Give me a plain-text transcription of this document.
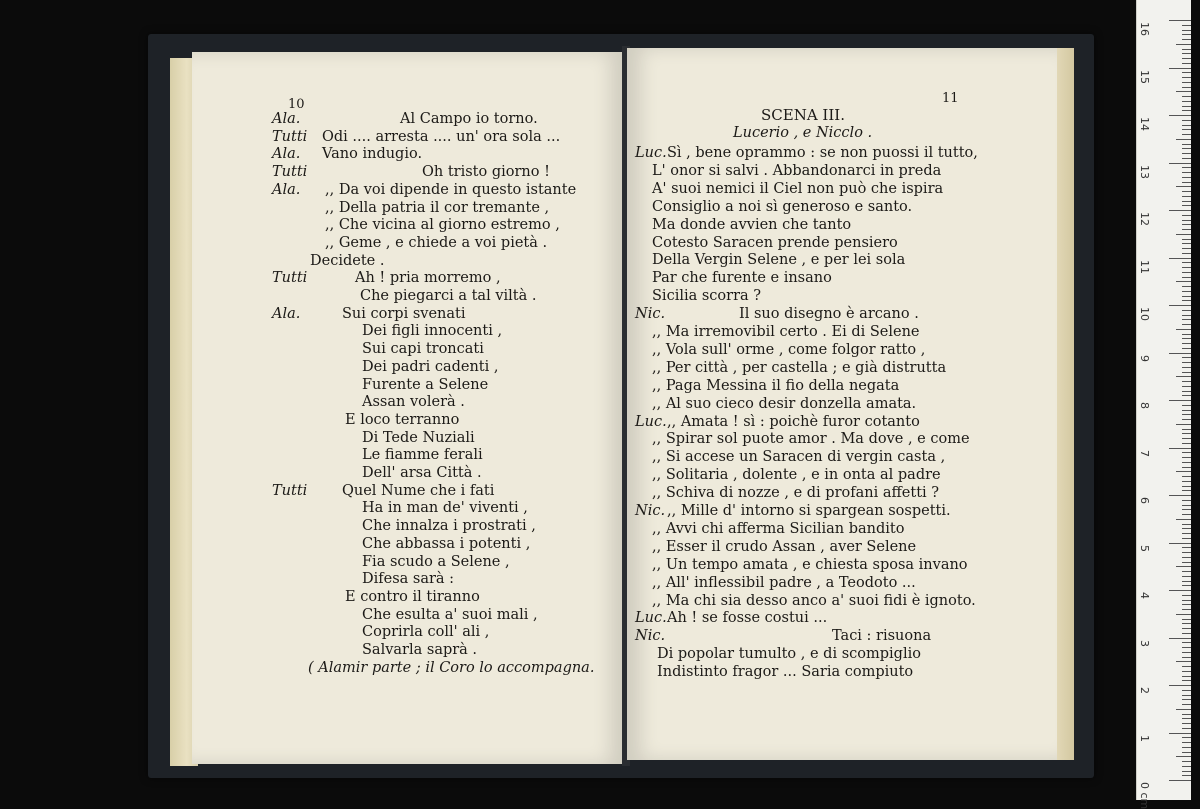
10
Ala.	Al Campo io torno.
Tutti Odi .... arresta .... un' ora sola ...
Ala. Vano indugio.
Tutti	Oh tristo giorno !
Ala. ,, Da voi dipende in questo istante
,, Della patria il cor tremante ,
,, Che vicina al giorno estremo ,
,, Geme , e chiede a voi pietà .
Decidete .
Tutti	Ah ! pria morremo ,
Che piegarci a tal viltà .
Ala.	Sui corpi svenati
Dei figli innocenti ,
Sui capi troncati
Dei padri cadenti ,
Furente a Selene
Assan volerà .
E loco terranno
Di Tede Nuziali
Le fiamme ferali
Dell' arsa Città .
Tutti Quel Nume che i fati
Ha in man de' viventi ,
Che innalza i prostrati ,
Che abbassa i potenti ,
Fia scudo a Selene ,
Difesa sarà :
E contro il tiranno
Che esulta a' suoi mali ,
Coprirla coll' ali ,
Salvarla saprà .
( Alamir parte ; il Coro lo accompagna.
11
SCENA III.
Lucerio , e Nicclo .
Luc. Sì , bene oprammo : se non puossi il tutto,
L' onor si salvi . Abbandonarci in preda
A' suoi nemici il Ciel non può che ispira
Consiglio a noi sì generoso e santo.
Ma donde avvien che tanto
Cotesto Saracen prende pensiero
Della Vergin Selene , e per lei sola
Par che furente e insano
Sicilia scorra ?
Nic.	Il suo disegno è arcano .
,, Ma irremovibil certo . Ei di Selene
,, Vola sull' orme , come folgor ratto ,
,, Per città , per castella ; e già distrutta
,, Paga Messina il fio della negata
,, Al suo cieco desir donzella amata.
Luc. ,, Amata ! sì : poichè furor cotanto
,, Spirar sol puote amor . Ma dove , e come
,, Si accese un Saracen di vergin casta ,
,, Solitaria , dolente , e in onta al padre
,, Schiva di nozze , e di profani affetti ?
Nic. ,, Mille d' intorno si spargean sospetti.
,, Avvi chi afferma Sicilian bandito
,, Esser il crudo Assan , aver Selene
,, Un tempo amata , e chiesta sposa invano
,, All' inflessibil padre , a Teodoto ...
,, Ma chi sia desso anco a' suoi fidi è ignoto.
Luc. Ah ! se fosse costui ...
Nic.	Taci : risuona
Di popolar tumulto , e di scompiglio
Indistinto fragor ... Saria compiuto
16
15
14
13
12
11
10
9
8
7
6
5
4
3
2
1
0 cm
